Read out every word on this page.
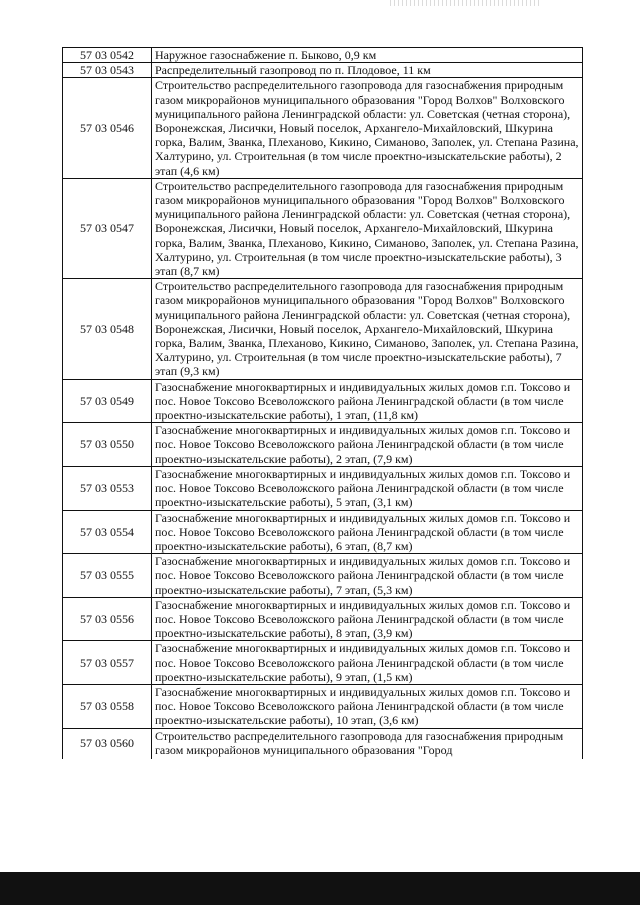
57 03 0542	Наружное газоснабжение п. Быково, 0,9 км
57 03 0543	Распределительный газопровод по п. Плодовое, 11 км
57 03 0546	Строительство распределительного газопровода для газоснабжения природным газом микрорайонов муниципального образования "Город Волхов" Волховского муниципального района Ленинградской области: ул. Советская (четная сторона), Воронежская, Лисички, Новый поселок, Архангело-Михайловский, Шкурина горка, Валим, Званка, Плеханово, Кикино, Симаново, Заполек, ул. Степана Разина, Халтурино, ул. Строительная (в том числе проектно-изыскательские работы), 2 этап (4,6 км)
57 03 0547	Строительство распределительного газопровода для газоснабжения природным газом микрорайонов муниципального образования "Город Волхов" Волховского муниципального района Ленинградской области: ул. Советская (четная сторона), Воронежская, Лисички, Новый поселок, Архангело-Михайловский, Шкурина горка, Валим, Званка, Плеханово, Кикино, Симаново, Заполек, ул. Степана Разина, Халтурино, ул. Строительная (в том числе проектно-изыскательские работы), 3 этап (8,7 км)
57 03 0548	Строительство распределительного газопровода для газоснабжения природным газом микрорайонов муниципального образования "Город Волхов" Волховского муниципального района Ленинградской области: ул. Советская (четная сторона), Воронежская, Лисички, Новый поселок, Архангело-Михайловский, Шкурина горка, Валим, Званка, Плеханово, Кикино, Симаново, Заполек, ул. Степана Разина, Халтурино, ул. Строительная (в том числе проектно-изыскательские работы), 7 этап (9,3 км)
57 03 0549	Газоснабжение многоквартирных и индивидуальных жилых домов г.п. Токсово и пос. Новое Токсово Всеволожского района Ленинградской области (в том числе проектно-изыскательские работы), 1 этап, (11,8 км)
57 03 0550	Газоснабжение многоквартирных и индивидуальных жилых домов г.п. Токсово и пос. Новое Токсово Всеволожского района Ленинградской области (в том числе проектно-изыскательские работы), 2 этап, (7,9 км)
57 03 0553	Газоснабжение многоквартирных и индивидуальных жилых домов г.п. Токсово и пос. Новое Токсово Всеволожского района Ленинградской области (в том числе проектно-изыскательские работы), 5 этап, (3,1 км)
57 03 0554	Газоснабжение многоквартирных и индивидуальных жилых домов г.п. Токсово и пос. Новое Токсово Всеволожского района Ленинградской области (в том числе проектно-изыскательские работы), 6 этап, (8,7 км)
57 03 0555	Газоснабжение многоквартирных и индивидуальных жилых домов г.п. Токсово и пос. Новое Токсово Всеволожского района Ленинградской области (в том числе проектно-изыскательские работы), 7 этап, (5,3 км)
57 03 0556	Газоснабжение многоквартирных и индивидуальных жилых домов г.п. Токсово и пос. Новое Токсово Всеволожского района Ленинградской области (в том числе проектно-изыскательские работы), 8 этап, (3,9 км)
57 03 0557	Газоснабжение многоквартирных и индивидуальных жилых домов г.п. Токсово и пос. Новое Токсово Всеволожского района Ленинградской области (в том числе проектно-изыскательские работы), 9 этап, (1,5 км)
57 03 0558	Газоснабжение многоквартирных и индивидуальных жилых домов г.п. Токсово и пос. Новое Токсово Всеволожского района Ленинградской области (в том числе проектно-изыскательские работы), 10 этап, (3,6 км)
57 03 0560	Строительство распределительного газопровода для газоснабжения природным газом микрорайонов муниципального образования "Город
